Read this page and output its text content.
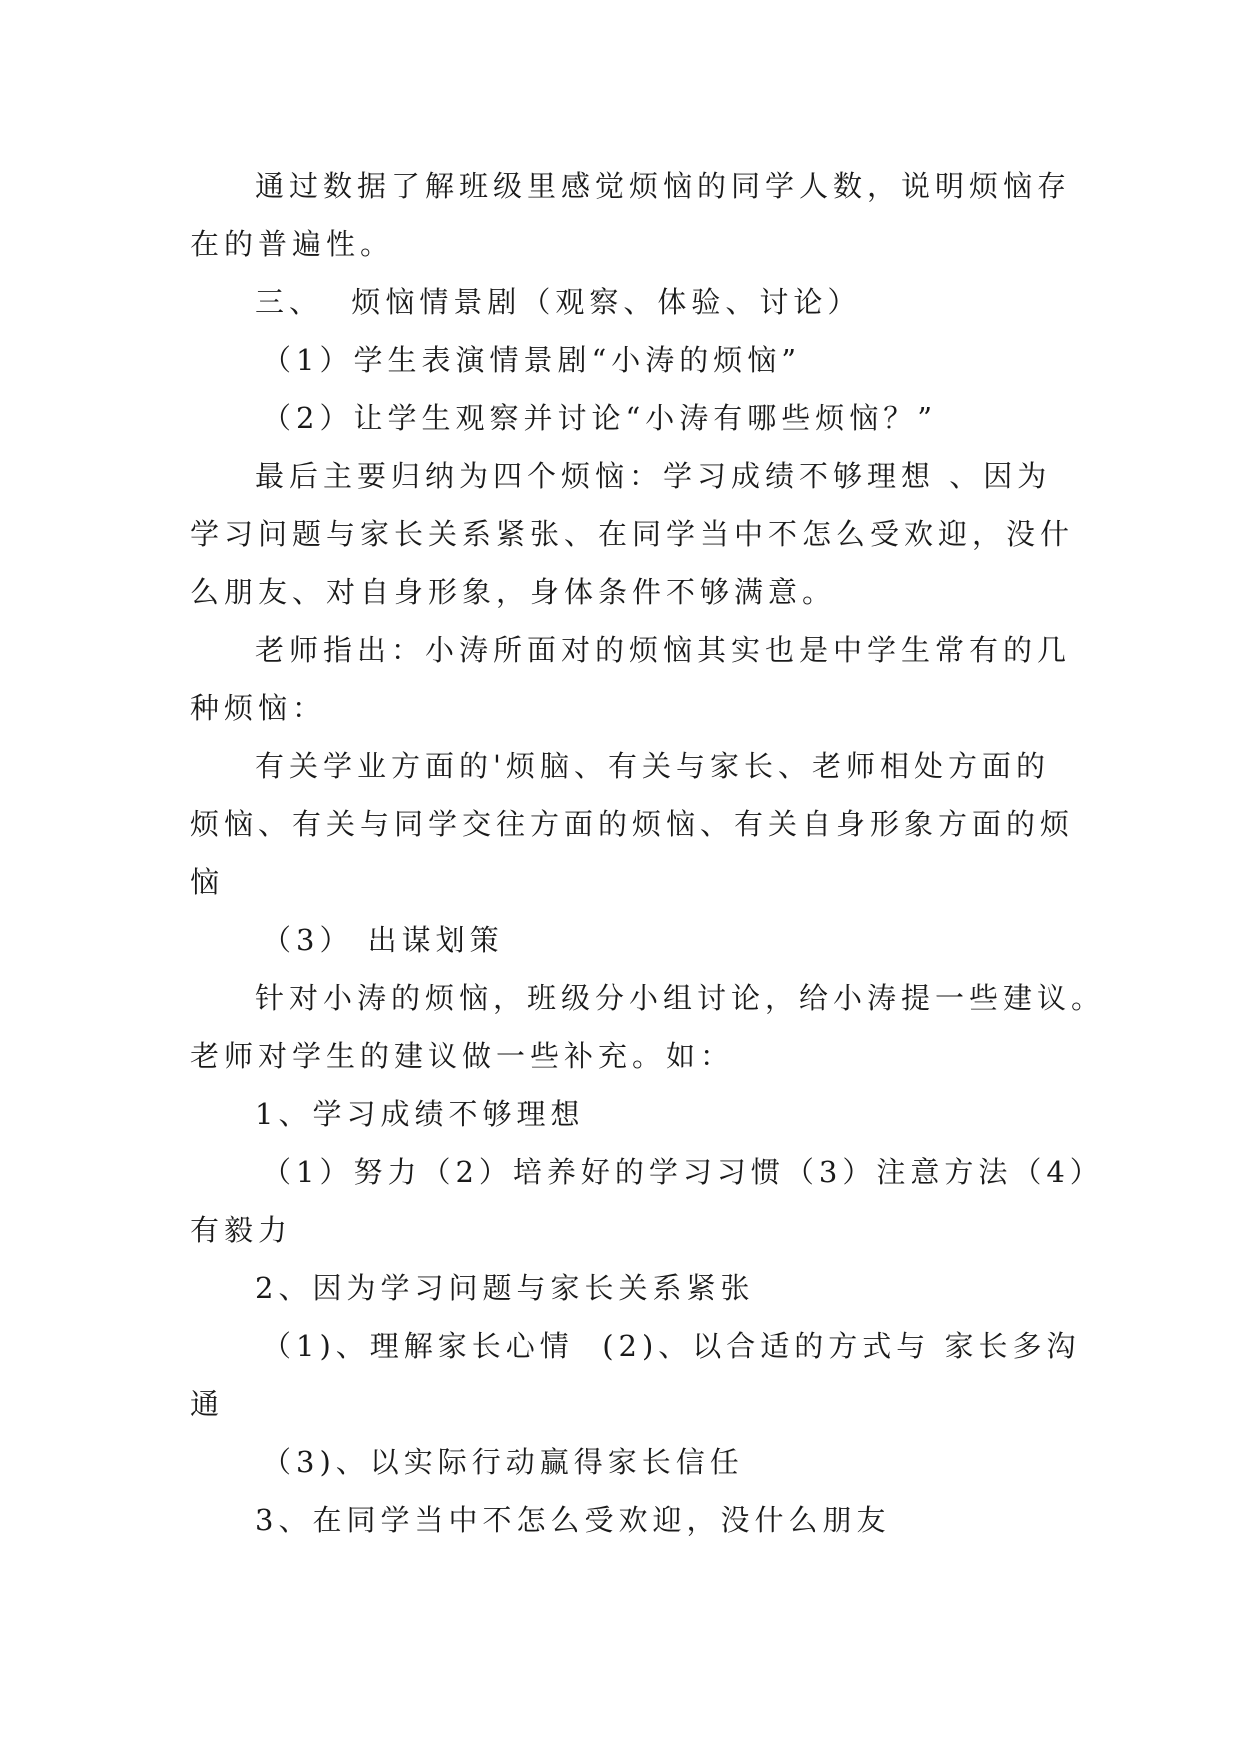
通过数据了解班级里感觉烦恼的同学人数，说明烦恼存
在的普遍性。
三、  烦恼情景剧（观察、体验、讨论）
（1）学生表演情景剧“小涛的烦恼”
（2）让学生观察并讨论“小涛有哪些烦恼？”
最后主要归纳为四个烦恼：学习成绩不够理想 、因为
学习问题与家长关系紧张、在同学当中不怎么受欢迎，没什
么朋友、对自身形象，身体条件不够满意。
老师指出：小涛所面对的烦恼其实也是中学生常有的几
种烦恼：
有关学业方面的'烦脑、有关与家长、老师相处方面的
烦恼、有关与同学交往方面的烦恼、有关自身形象方面的烦
恼
（3） 出谋划策
针对小涛的烦恼，班级分小组讨论，给小涛提一些建议。
老师对学生的建议做一些补充。如：
1、学习成绩不够理想
（1）努力（2）培养好的学习习惯（3）注意方法（4）
有毅力
2、因为学习问题与家长关系紧张
（1)、理解家长心情  (2)、以合适的方式与 家长多沟
通
（3)、以实际行动赢得家长信任
3、在同学当中不怎么受欢迎，没什么朋友
